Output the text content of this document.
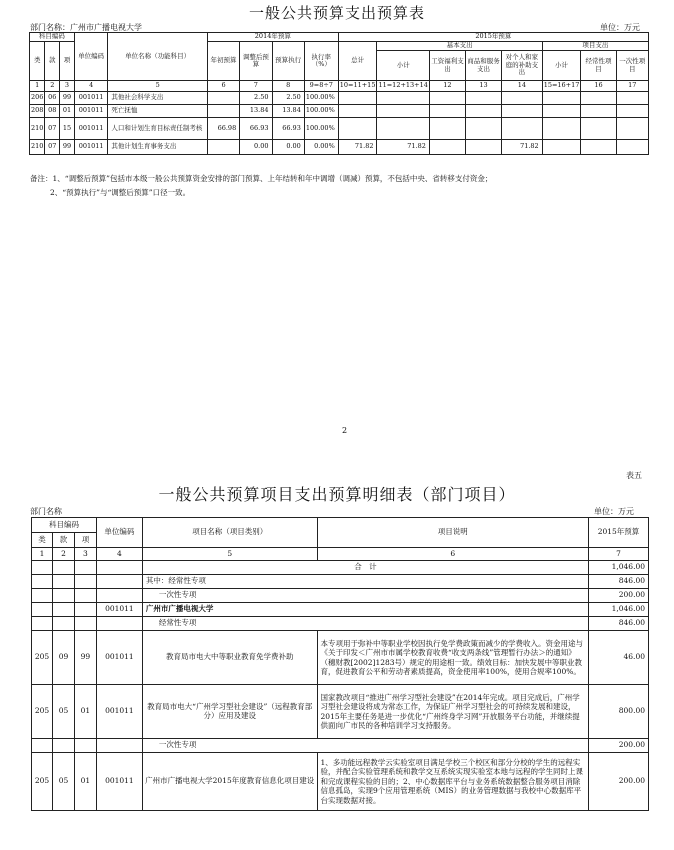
一般公共预算支出预算表
部门名称：广州市广播电视大学	单位：万元
科目编码			单位编码	单位名称（功能科目）	2014年预算				2015年预算							
类	款	项			年初预算	调整后预算	预算执行	执行率（%）	总计	基本支出				项目支出		
										小计	工资福利支出	商品和服务支出	对个人和家庭的补助支出	小计	经常性项目	一次性项目
1	2	3	4	5	6	7	8	9=8÷7	10=11+15	11=12+13+14	12	13	14	15=16+17	16	17
206	06	99	001011	其他社会科学支出		2.50	2.50	100.00%								
208	08	01	001011	死亡抚恤		13.84	13.84	100.00%								
210	07	15	001011	人口和计划生育目标责任制考核	66.98	66.93	66.93	100.00%								
210	07	99	001011	其他计划生育事务支出		0.00	0.00	0.00%	71.82	71.82			71.82			
备注：1、“调整后预算”包括市本级一般公共预算资金安排的部门预算、上年结转和年中调增（调减）预算，不包括中央、省转移支付资金；
2、“预算执行”与“调整后预算”口径一致。
2
表五
一般公共预算项目支出预算明细表（部门项目）
部门名称	单位：万元
科目编码			单位编码	项目名称（项目类别）	项目说明	2015年预算
类	款	项				
1	2	3	4	5	6	7
				合　计		1,046.00
				其中：经常性专项		846.00
				一次性专项		200.00
			001011	广州市广播电视大学		1,046.00
				经常性专项		846.00
205	09	99	001011	教育局市电大中等职业教育免学费补助	本专项用于弥补中等职业学校因执行免学费政策而减少的学费收入。资金用途与《关于印发＜广州市市属学校教育收费“收支两条线”管理暂行办法＞的通知》（穗财教[2002]1283号）规定的用途相一致。绩效目标：加快发展中等职业教育，促进教育公平和劳动者素质提高，资金使用率100%，使用合规率100%。	46.00
205	05	01	001011	教育局市电大“广州学习型社会建设”（远程教育部分）应用及建设	国家教改项目“推进广州学习型社会建设”在2014年完成。项目完成后，广州学习型社会建设将成为常态工作，为保证广州学习型社会的可持续发展和建设，2015年主要任务是进一步优化“广州终身学习网”开放服务平台功能，并继续提供面向广市民的各种培训学习支持服务。	800.00
				一次性专项		200.00
205	05	01	001011	广州市广播电视大学2015年度教育信息化项目建设	1、多功能远程教学云实验室项目满足学校三个校区和部分分校的学生的远程实验，并配合实验管理系统和教学交互系统实现实验室本地与远程的学生同时上课和完成课程实验的目的；2、中心数据库平台与业务系统数据整合服务项目消除信息孤岛，实现9个应用管理系统（MIS）的业务管理数据与我校中心数据库平台实现数据对接。	200.00
